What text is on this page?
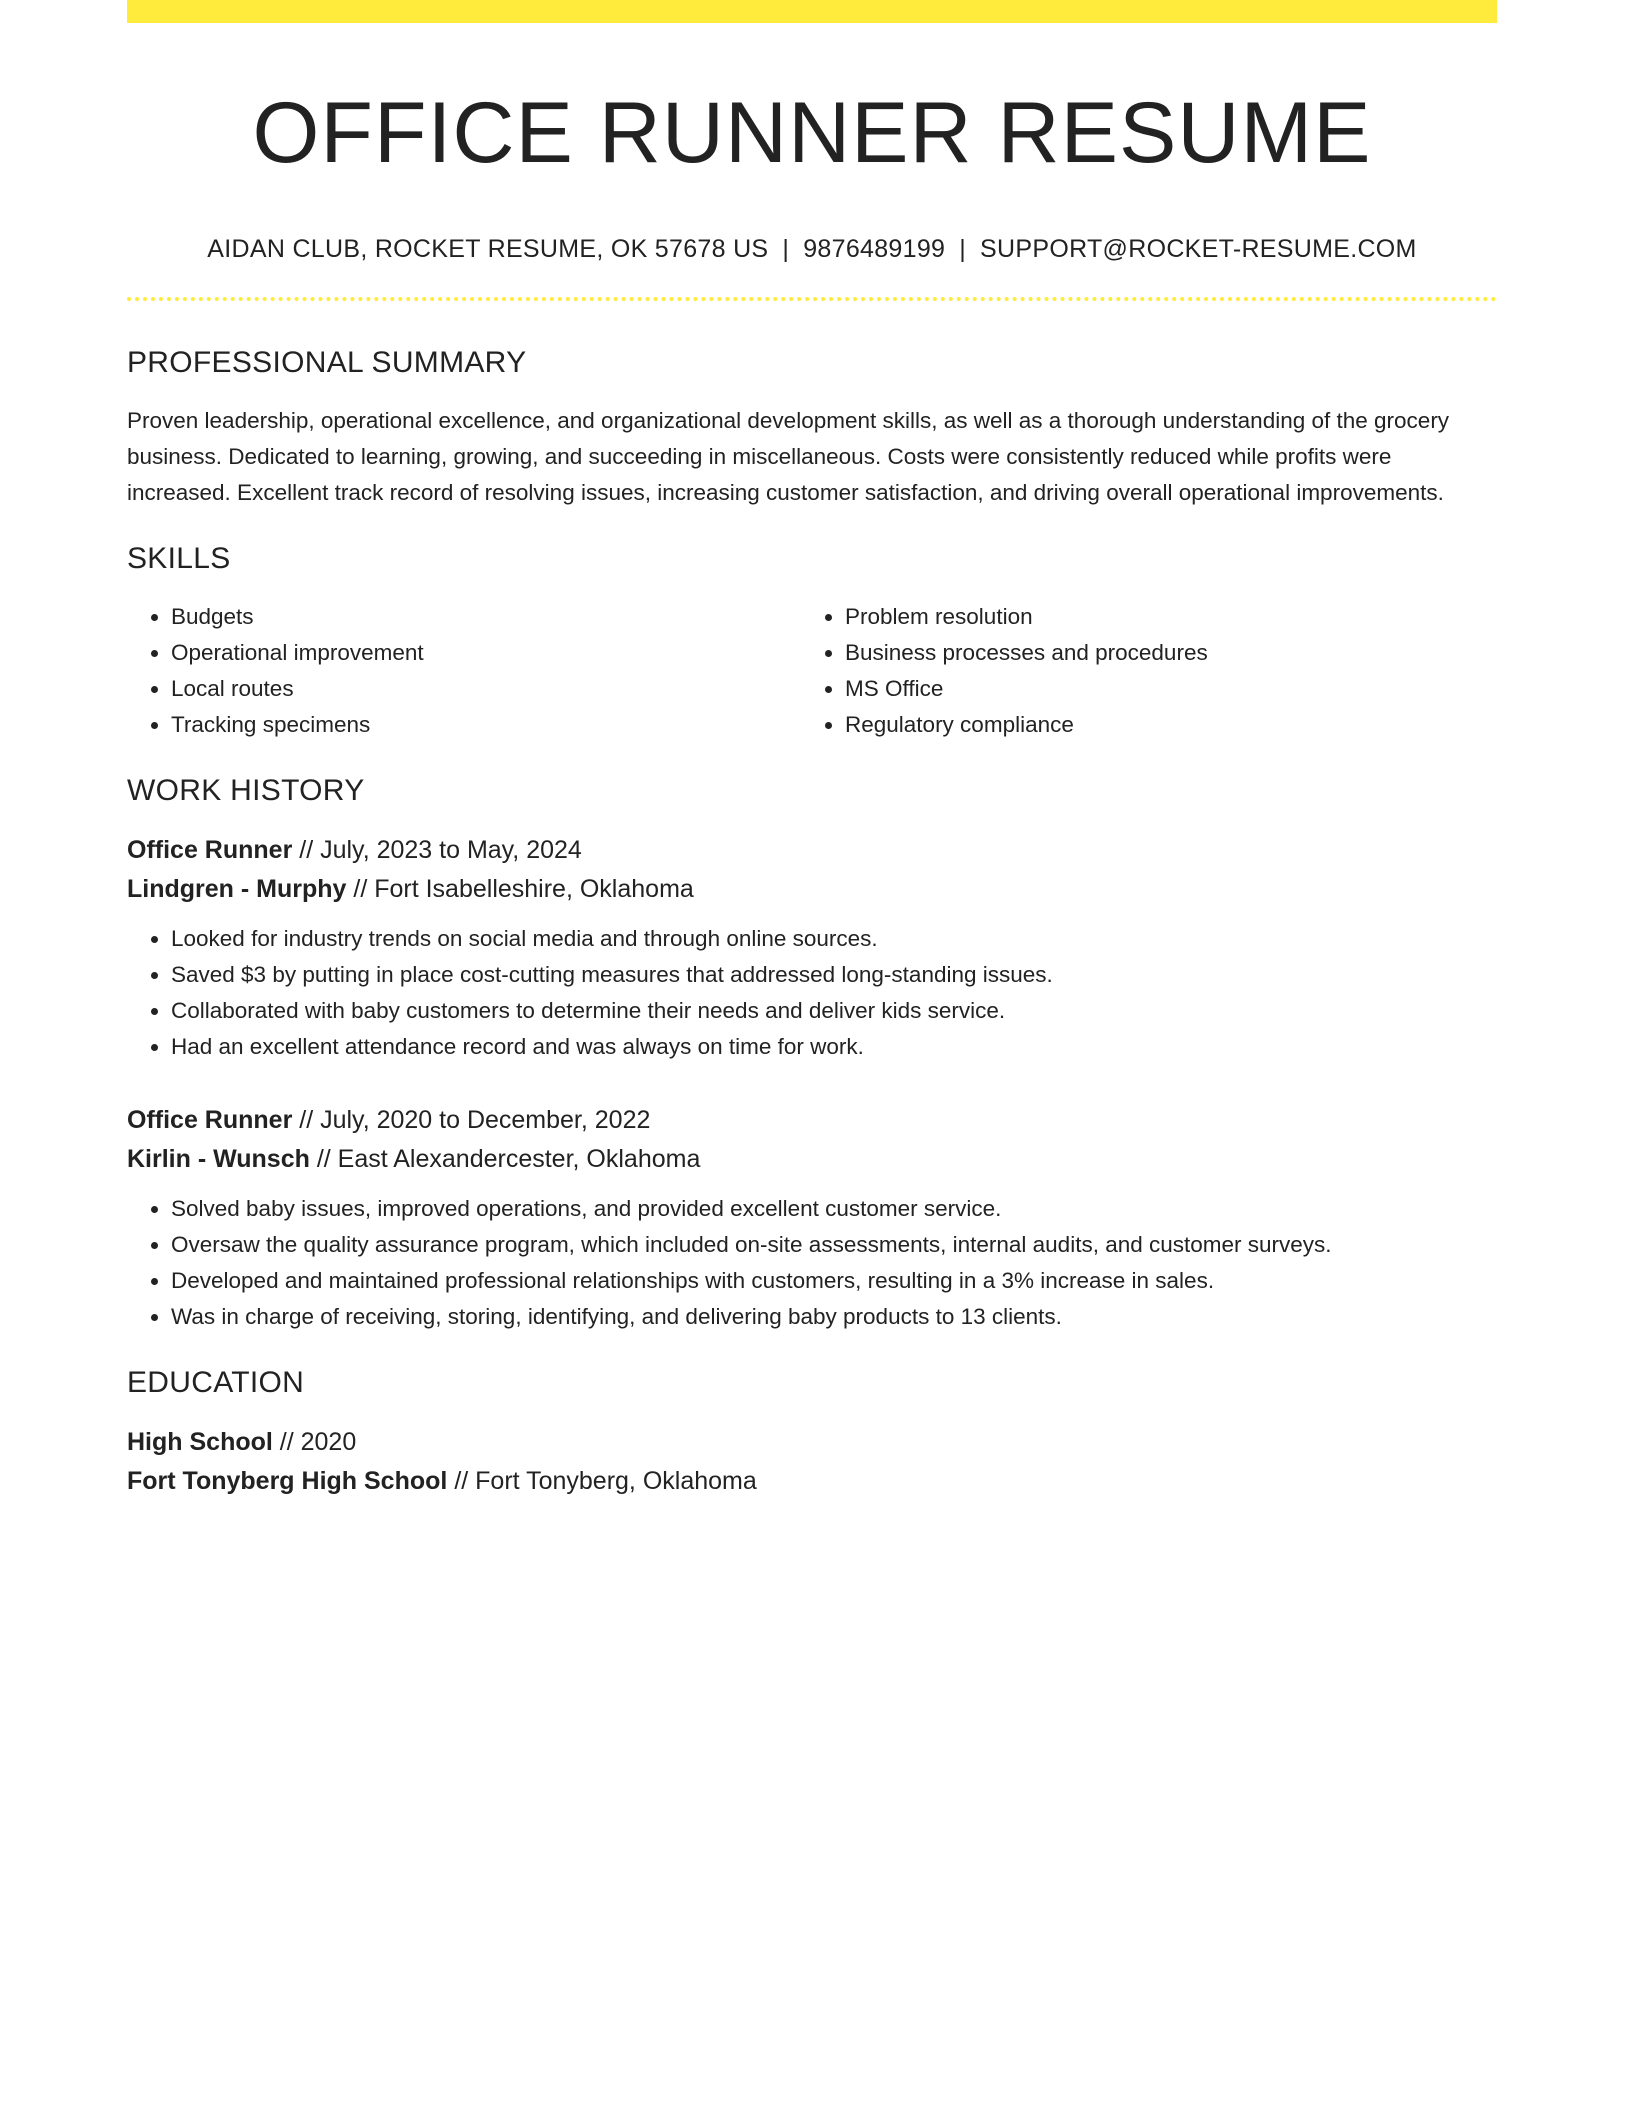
OFFICE RUNNER RESUME
AIDAN CLUB, ROCKET RESUME, OK 57678 US | 9876489199 | SUPPORT@ROCKET-RESUME.COM
PROFESSIONAL SUMMARY

Proven leadership, operational excellence, and organizational development skills, as well as a thorough understanding of the grocery business. Dedicated to learning, growing, and succeeding in miscellaneous. Costs were consistently reduced while profits were increased. Excellent track record of resolving issues, increasing customer satisfaction, and driving overall operational improvements.

SKILLS
• Budgets
• Operational improvement
• Local routes
• Tracking specimens
• Problem resolution
• Business processes and procedures
• MS Office
• Regulatory compliance
WORK HISTORY
Office Runner // July, 2023 to May, 2024
Lindgren - Murphy // Fort Isabelleshire, Oklahoma
• Looked for industry trends on social media and through online sources.
• Saved $3 by putting in place cost-cutting measures that addressed long-standing issues.
• Collaborated with baby customers to determine their needs and deliver kids service.
• Had an excellent attendance record and was always on time for work.
Office Runner // July, 2020 to December, 2022
Kirlin - Wunsch // East Alexandercester, Oklahoma
• Solved baby issues, improved operations, and provided excellent customer service.
• Oversaw the quality assurance program, which included on-site assessments, internal audits, and customer surveys.
• Developed and maintained professional relationships with customers, resulting in a 3% increase in sales.
• Was in charge of receiving, storing, identifying, and delivering baby products to 13 clients.
EDUCATION
High School // 2020
Fort Tonyberg High School // Fort Tonyberg, Oklahoma
